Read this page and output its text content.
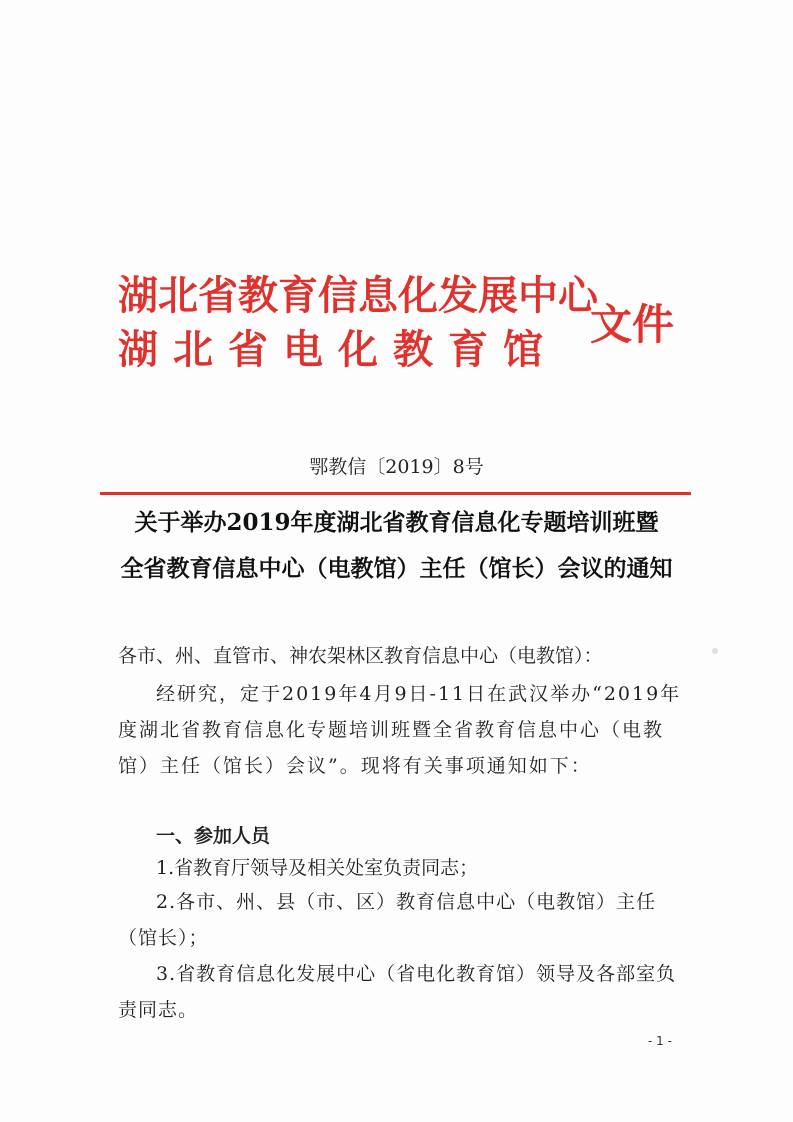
湖北省教育信息化发展中心
湖北省电化教育馆
文件
鄂教信〔2019〕8号
关于举办2019年度湖北省教育信息化专题培训班暨
全省教育信息中心（电教馆）主任（馆长）会议的通知
各市、州、直管市、神农架林区教育信息中心（电教馆）：
经研究，定于2019年4月9日-11日在武汉举办“2019年度湖北省教育信息化专题培训班暨全省教育信息中心（电教馆）主任（馆长）会议”。现将有关事项通知如下：
一、参加人员
1.省教育厅领导及相关处室负责同志；
2.各市、州、县（市、区）教育信息中心（电教馆）主任（馆长）；
3.省教育信息化发展中心（省电化教育馆）领导及各部室负责同志。
- 1 -
